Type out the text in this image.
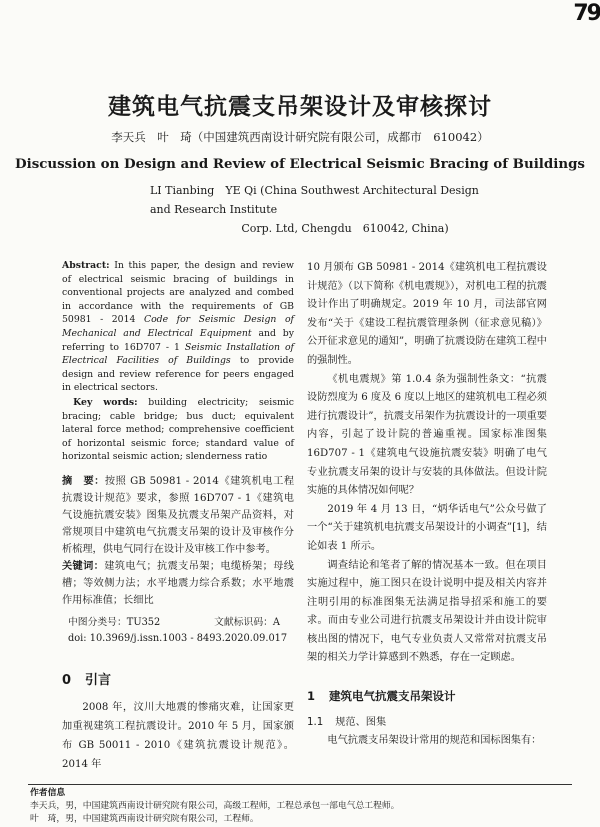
79
建筑电气抗震支吊架设计及审核探讨
李天兵　叶　琦（中国建筑西南设计研究院有限公司，成都市　610042）
Discussion on Design and Review of Electrical Seismic Bracing of Buildings
LI Tianbing　YE Qi (China Southwest Architectural Design and Research Institute
Corp. Ltd, Chengdu　610042, China)
Abstract: In this paper, the design and review of electrical seismic bracing of buildings in conventional projects are analyzed and combed in accordance with the requirements of GB 50981 - 2014 Code for Seismic Design of Mechanical and Electrical Equipment and by referring to 16D707 - 1 Seismic Installation of Electrical Facilities of Buildings to provide design and review reference for peers engaged in electrical sectors.
Key words: building electricity; seismic bracing; cable bridge; bus duct; equivalent lateral force method; comprehensive coefficient of horizontal seismic force; standard value of horizontal seismic action; slenderness ratio
摘　要：按照 GB 50981 - 2014《建筑机电工程抗震设计规范》要求，参照 16D707 - 1《建筑电气设施抗震安装》图集及抗震支吊架产品资料，对常规项目中建筑电气抗震支吊架的设计及审核作分析梳理，供电气同行在设计及审核工作中参考。
关键词：建筑电气；抗震支吊架；电缆桥架；母线槽；等效侧力法；水平地震力综合系数；水平地震作用标准值；长细比
中图分类号：TU352	文献标识码：A
doi: 10.3969/j.issn.1003 - 8493.2020.09.017
0 引言

2008 年，汶川大地震的惨痛灾难，让国家更加重视建筑工程抗震设计。2010 年 5 月，国家颁布 GB 50011 - 2010《建筑抗震设计规范》。2014 年

10 月颁布 GB 50981 - 2014《建筑机电工程抗震设计规范》（以下简称《机电震规》），对机电工程的抗震设计作出了明确规定。2019 年 10 月，司法部官网发布“关于《建设工程抗震管理条例（征求意见稿）》公开征求意见的通知”，明确了抗震设防在建筑工程中的强制性。

《机电震规》第 1.0.4 条为强制性条文：“抗震设防烈度为 6 度及 6 度以上地区的建筑机电工程必须进行抗震设计”，抗震支吊架作为抗震设计的一项重要内容，引起了设计院的普遍重视。国家标准图集 16D707 - 1《建筑电气设施抗震安装》明确了电气专业抗震支吊架的设计与安装的具体做法。但设计院实施的具体情况如何呢？

2019 年 4 月 13 日，“炳华话电气”公众号做了一个“关于建筑机电抗震支吊架设计的小调查”[1]，结论如表 1 所示。

调查结论和笔者了解的情况基本一致。但在项目实施过程中，施工图只在设计说明中提及相关内容并注明引用的标准图集无法满足指导招采和施工的要求。而由专业公司进行抗震支吊架设计并由设计院审核出图的情况下，电气专业负责人又常常对抗震支吊架的相关力学计算感到不熟悉，存在一定顾虑。

1 建筑电气抗震支吊架设计
1.1 规范、图集

电气抗震支吊架设计常用的规范和国标图集有：

作者信息
李天兵，男，中国建筑西南设计研究院有限公司，高级工程师，工程总承包一部电气总工程师。
叶　琦，男，中国建筑西南设计研究院有限公司，工程师。
